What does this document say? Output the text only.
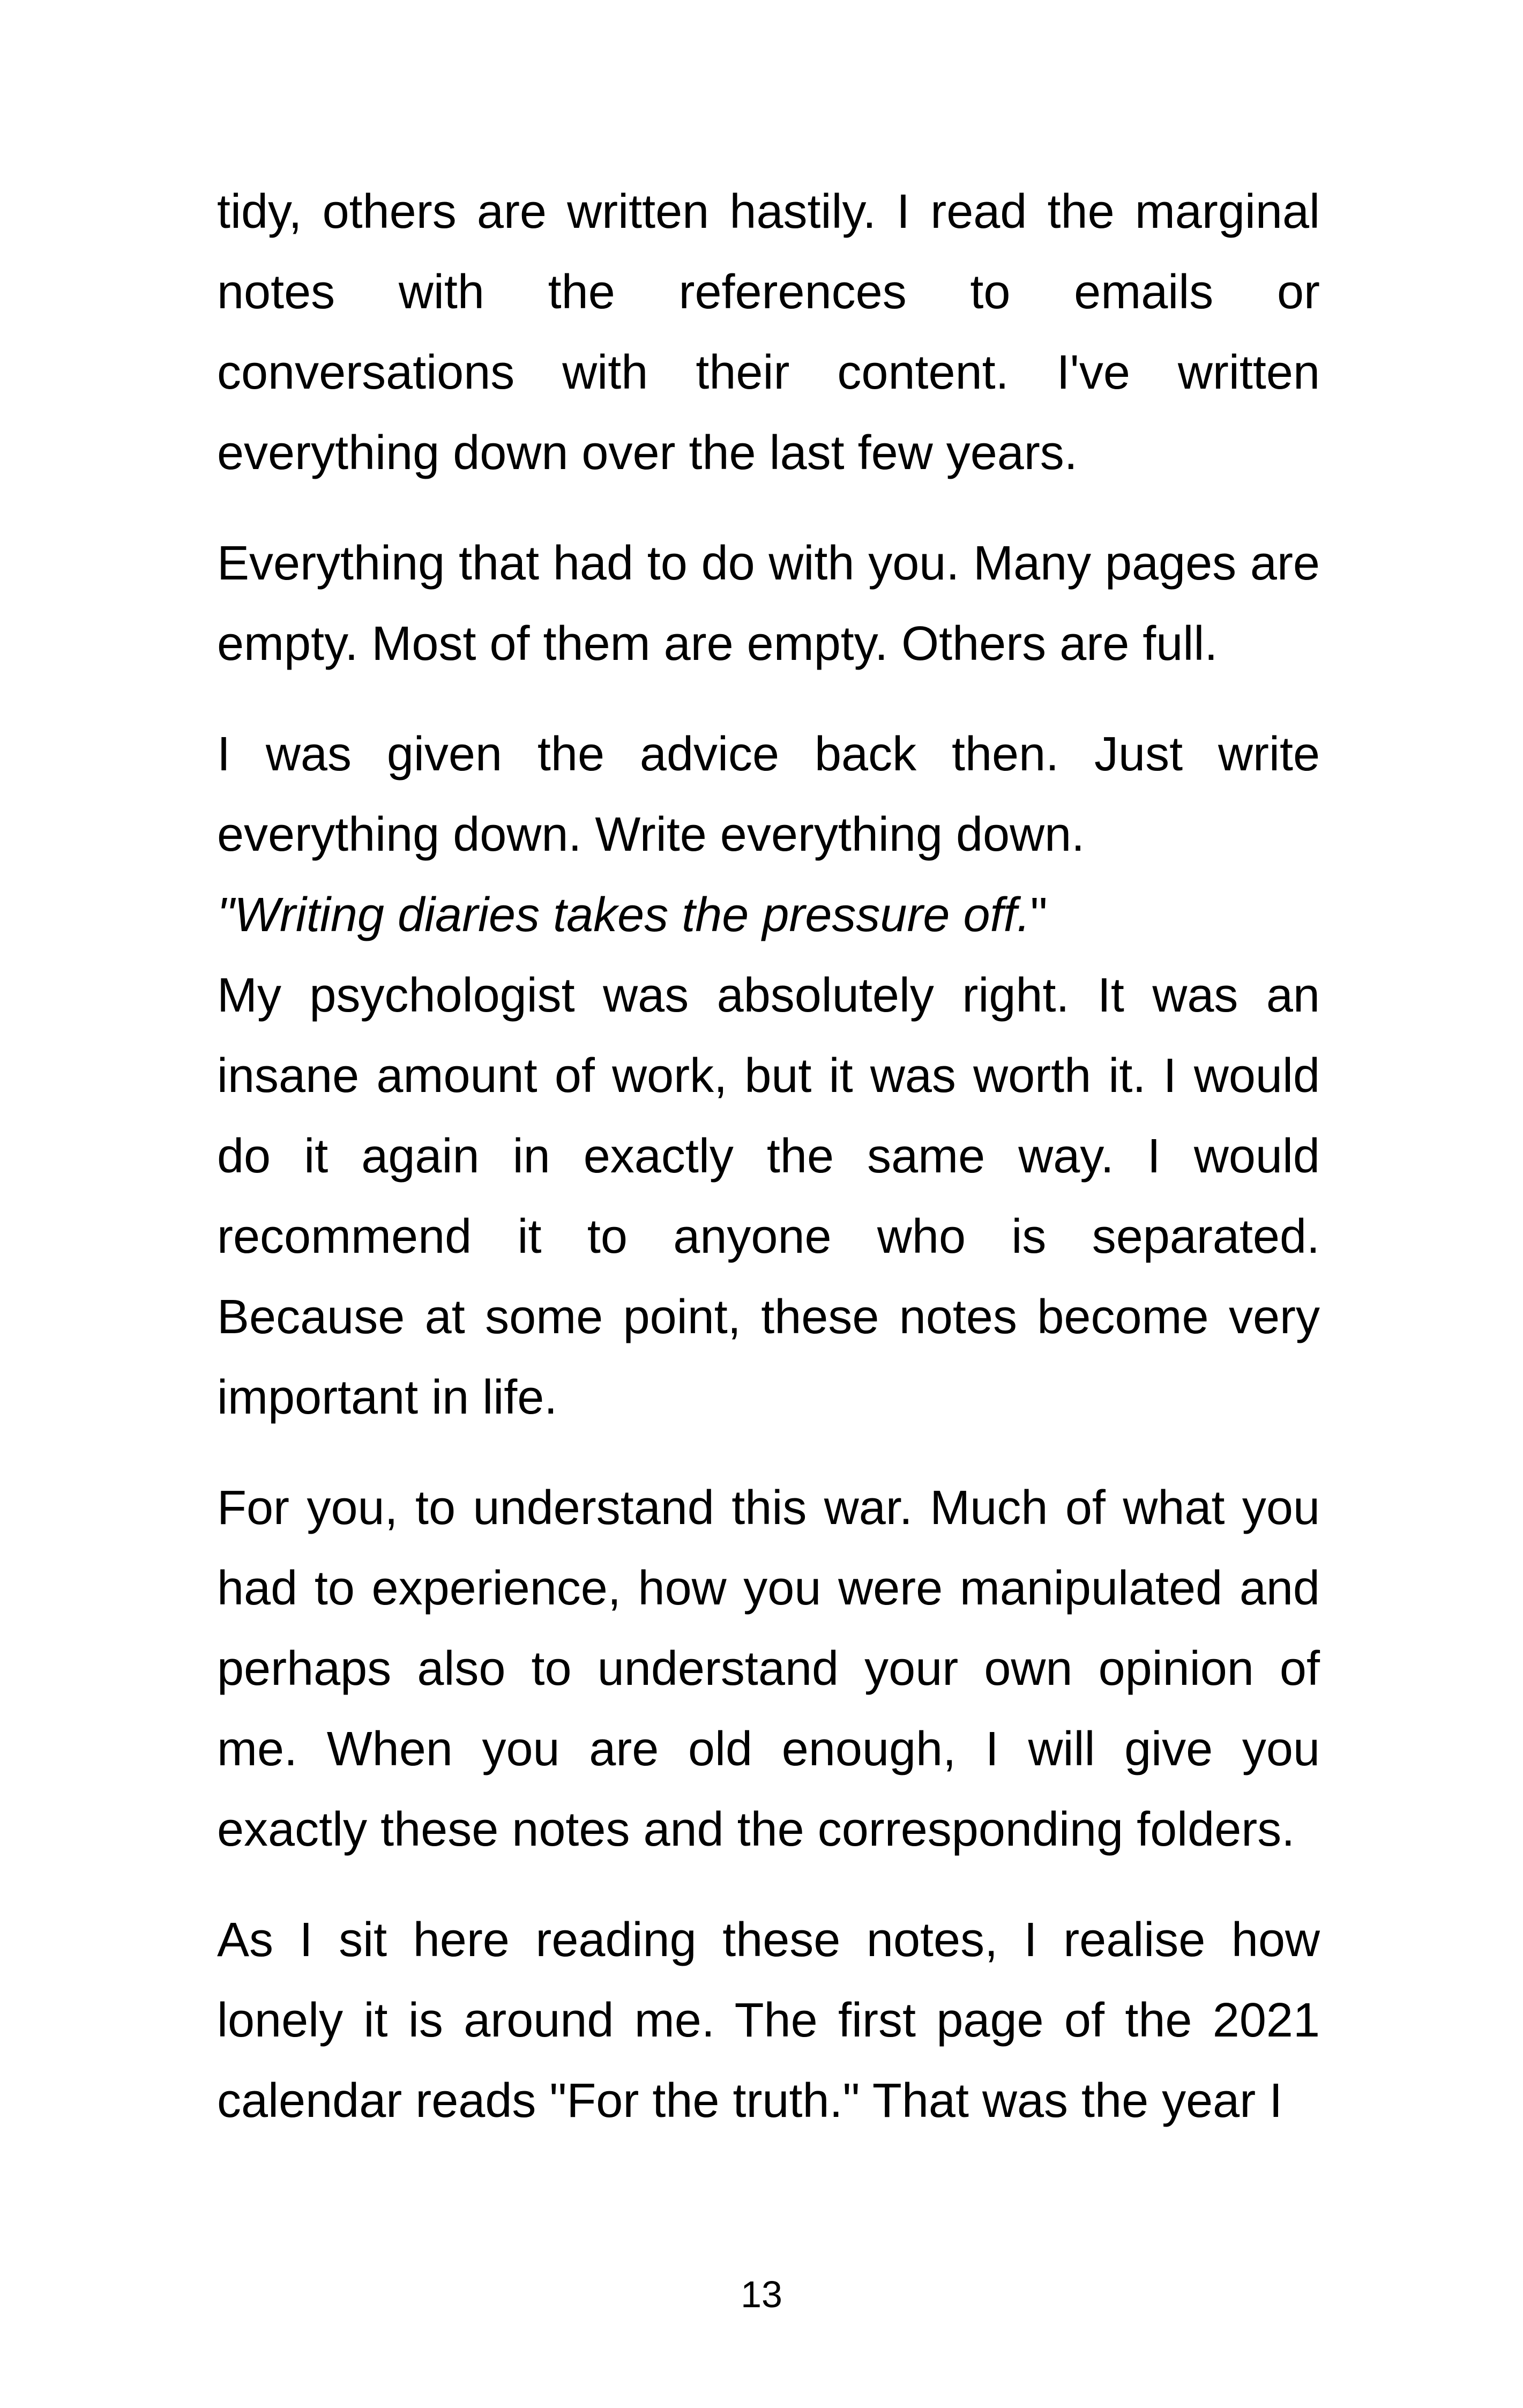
tidy, others are written hastily. I read the marginal notes with the references to emails or conversations with their content. I've written everything down over the last few years.

Everything that had to do with you. Many pages are empty. Most of them are empty. Others are full.

I was given the advice back then. Just write everything down. Write everything down.

"Writing diaries takes the pressure off."

My psychologist was absolutely right. It was an insane amount of work, but it was worth it. I would do it again in exactly the same way. I would recommend it to anyone who is separated. Because at some point, these notes become very important in life.

For you, to understand this war. Much of what you had to experience, how you were manipulated and perhaps also to understand your own opinion of me. When you are old enough, I will give you exactly these notes and the corresponding folders.

As I sit here reading these notes, I realise how lonely it is around me. The first page of the 2021 calendar reads "For the truth." That was the year I

13
